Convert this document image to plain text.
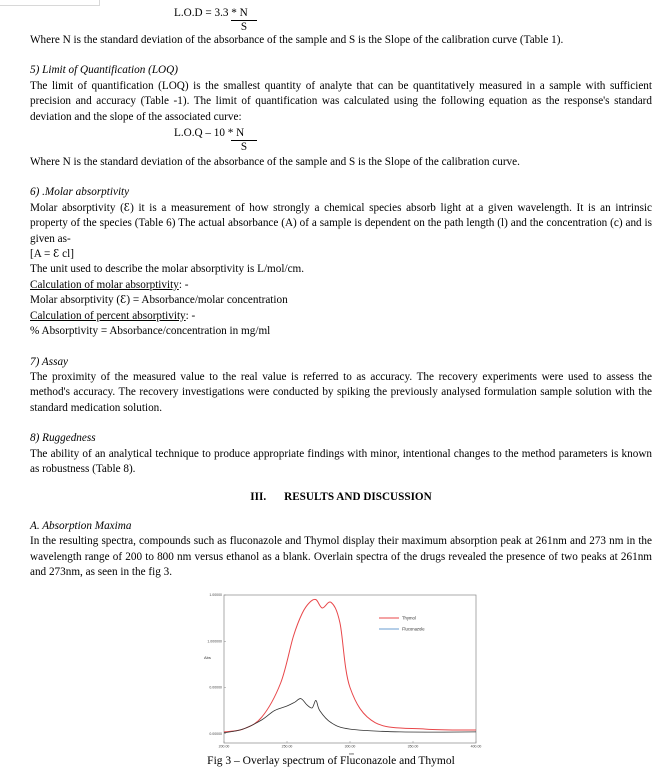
L.O.D = 3.3 * N
S

Where N is the standard deviation of the absorbance of the sample and S is the Slope of the calibration curve (Table 1).

5) Limit of Quantification (LOQ)

The limit of quantification (LOQ) is the smallest quantity of analyte that can be quantitatively measured in a sample with sufficient precision and accuracy (Table -1). The limit of quantification was calculated using the following equation as the response's standard deviation and the slope of the associated curve:

L.O.Q – 10 * N
S

Where N is the standard deviation of the absorbance of the sample and S is the Slope of the calibration curve.

6) .Molar absorptivity

Molar absorptivity (ꜫ) it is a measurement of how strongly a chemical species absorb light at a given wavelength. It is an intrinsic property of the species (Table 6) The actual absorbance (A) of a sample is dependent on the path length (l) and the concentration (c) and is given as-

[A = ꜫ cl]

The unit used to describe the molar absorptivity is L/mol/cm.

Calculation of molar absorptivity: -

Molar absorptivity (ꜫ) = Absorbance/molar concentration

Calculation of percent absorptivity: -

% Absorptivity = Absorbance/concentration in mg/ml

7) Assay

The proximity of the measured value to the real value is referred to as accuracy. The recovery experiments were used to assess the method's accuracy. The recovery investigations were conducted by spiking the previously analysed formulation sample solution with the standard medication solution.

8) Ruggedness

The ability of an analytical technique to produce appropriate findings with minor, intentional changes to the method parameters is known as robustness (Table 8).

III. RESULTS AND DISCUSSION

A. Absorption Maxima

In the resulting spectra, compounds such as fluconazole and Thymol display their maximum absorption peak at 261nm and 273 nm in the wavelength range of 200 to 800 nm versus ethanol as a blank. Overlain spectra of the drugs revealed the presence of two peaks at 261nm and 273nm, as seen in the fig 3.

1.00000
1.000000
0.00000
0.00000
200.00	250.00	300.00	350.00	400.00
Thymol
Fluconazole
Abs
nm
Fig 3 – Overlay spectrum of Fluconazole and Thymol
